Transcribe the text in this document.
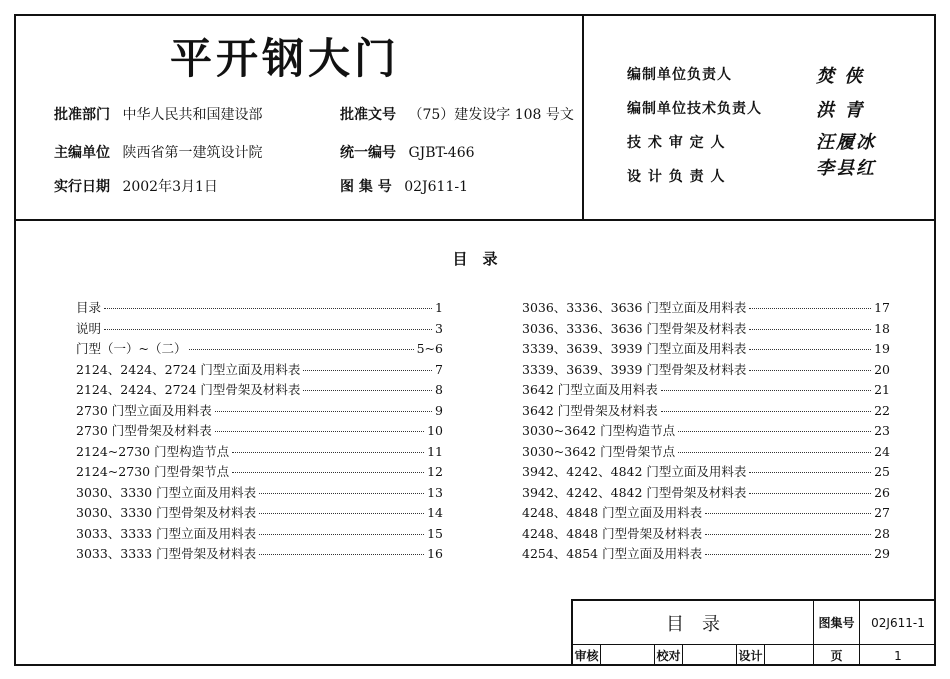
平开钢大门
批准部门 中华人民共和国建设部
主编单位 陕西省第一建筑设计院
实行日期 2002年3月1日
批准文号 （75）建发设字 108 号文
统一编号 GJBT-466
图 集 号 02J611-1
编制单位负责人	焚 侠
编制单位技术负责人	洪 青
技 术 审 定 人	汪履冰
设 计 负 责 人	李县红
目　录
目录	1
说明	3
门型（一）~（二）	5~6
2124、2424、2724 门型立面及用料表	7
2124、2424、2724 门型骨架及材料表	8
2730 门型立面及用料表	9
2730 门型骨架及材料表	10
2124~2730 门型构造节点	11
2124~2730 门型骨架节点	12
3030、3330 门型立面及用料表	13
3030、3330 门型骨架及材料表	14
3033、3333 门型立面及用料表	15
3033、3333 门型骨架及材料表	16
3036、3336、3636 门型立面及用料表	17
3036、3336、3636 门型骨架及材料表	18
3339、3639、3939 门型立面及用料表	19
3339、3639、3939 门型骨架及材料表	20
3642 门型立面及用料表	21
3642 门型骨架及材料表	22
3030~3642 门型构造节点	23
3030~3642 门型骨架节点	24
3942、4242、4842 门型立面及用料表	25
3942、4242、4842 门型骨架及材料表	26
4248、4848 门型立面及用料表	27
4248、4848 门型骨架及材料表	28
4254、4854 门型立面及用料表	29
目　录	图集号	02J611-1
审核	校对	设计	页	1
